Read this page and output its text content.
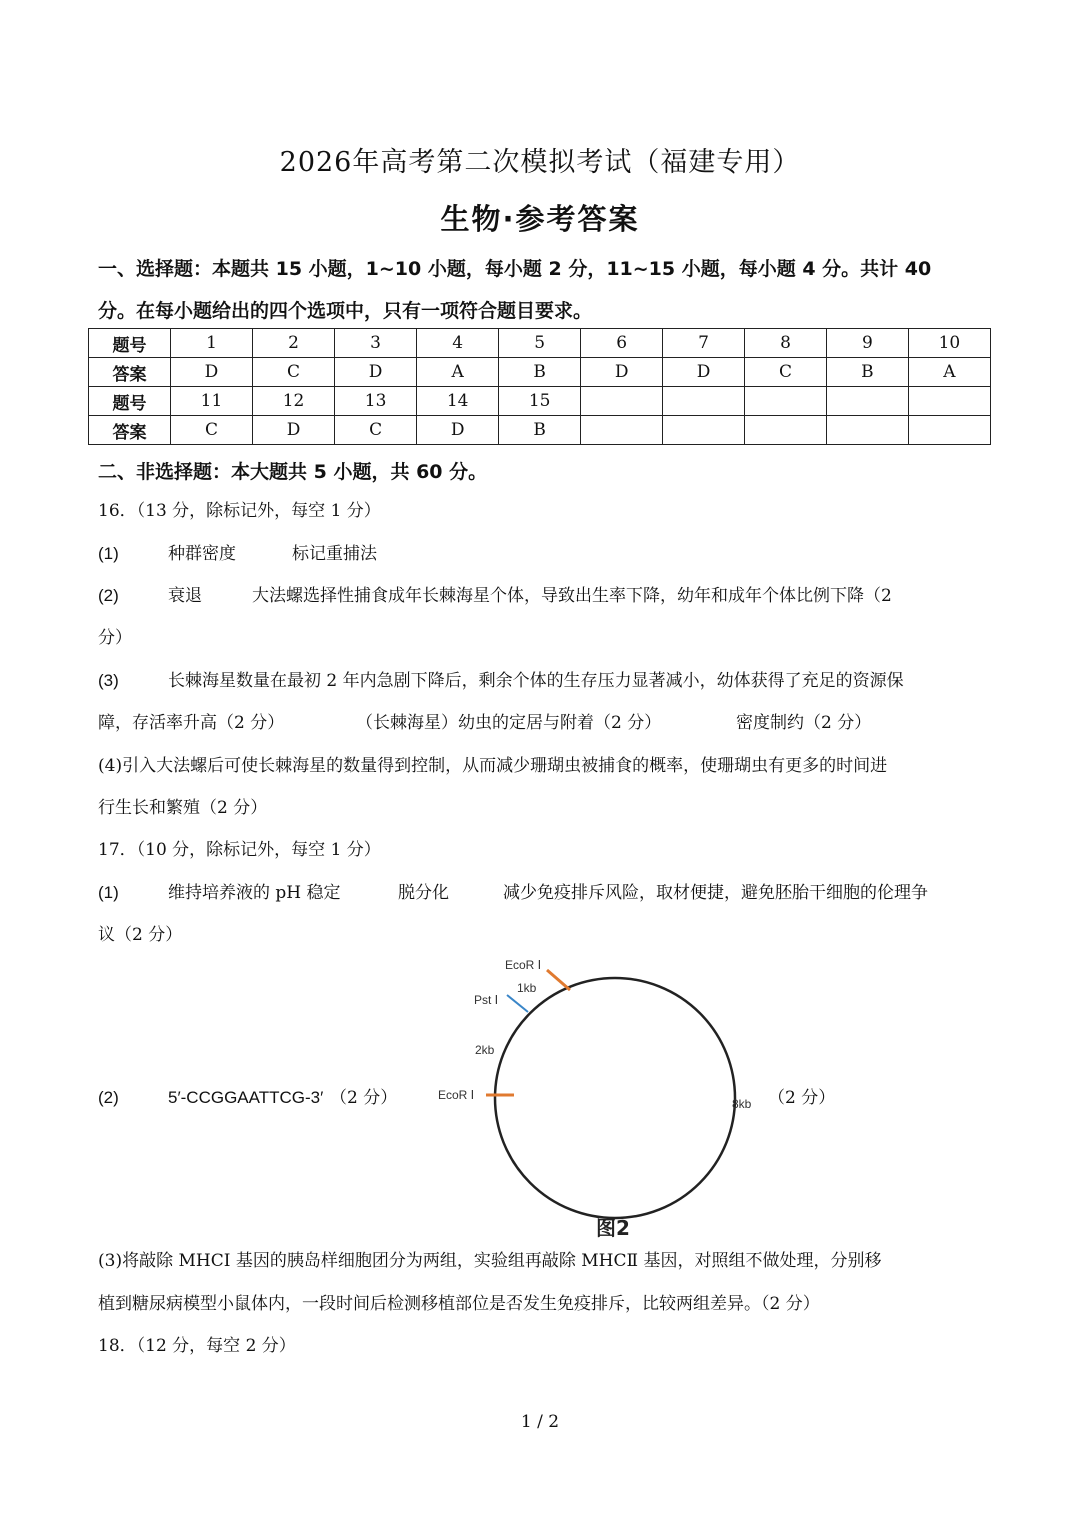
2026年高考第二次模拟考试（福建专用）
生物·参考答案
一、选择题：本题共 15 小题，1~10 小题，每小题 2 分，11~15 小题，每小题 4 分。共计 40
分。在每小题给出的四个选项中，只有一项符合题目要求。
题号	1	2	3	4	5	6	7	8	9	10
答案	D	C	D	A	B	D	D	C	B	A
题号	11	12	13	14	15					
答案	C	D	C	D	B					
二、非选择题：本大题共 5 小题，共 60 分。
16．（13 分，除标记外，每空 1 分）
(1)	种群密度	标记重捕法
(2)	衰退	大法螺选择性捕食成年长棘海星个体，导致出生率下降，幼年和成年个体比例下降（2
分）
(3)	长棘海星数量在最初 2 年内急剧下降后，剩余个体的生存压力显著减小，幼体获得了充足的资源保
障，存活率升高（2 分）	（长棘海星）幼虫的定居与附着（2 分）	密度制约（2 分）
(4)引入大法螺后可使长棘海星的数量得到控制，从而减少珊瑚虫被捕食的概率，使珊瑚虫有更多的时间进
行生长和繁殖（2 分）
17．（10 分，除标记外，每空 1 分）
(1)	维持培养液的 pH 稳定	脱分化	减少免疫排斥风险，取材便捷，避免胚胎干细胞的伦理争
议（2 分）
(2)	5′-CCGGAATTCG-3′ （2 分）	（2 分）
EcoR Ⅰ
1kb
Pst Ⅰ
2kb
EcoR Ⅰ
8kb
图2
(3)将敲除 MHCⅠ 基因的胰岛样细胞团分为两组，实验组再敲除 MHCⅡ 基因，对照组不做处理，分别移
植到糖尿病模型小鼠体内，一段时间后检测移植部位是否发生免疫排斥，比较两组差异。（2 分）
18．（12 分，每空 2 分）
1 / 2
